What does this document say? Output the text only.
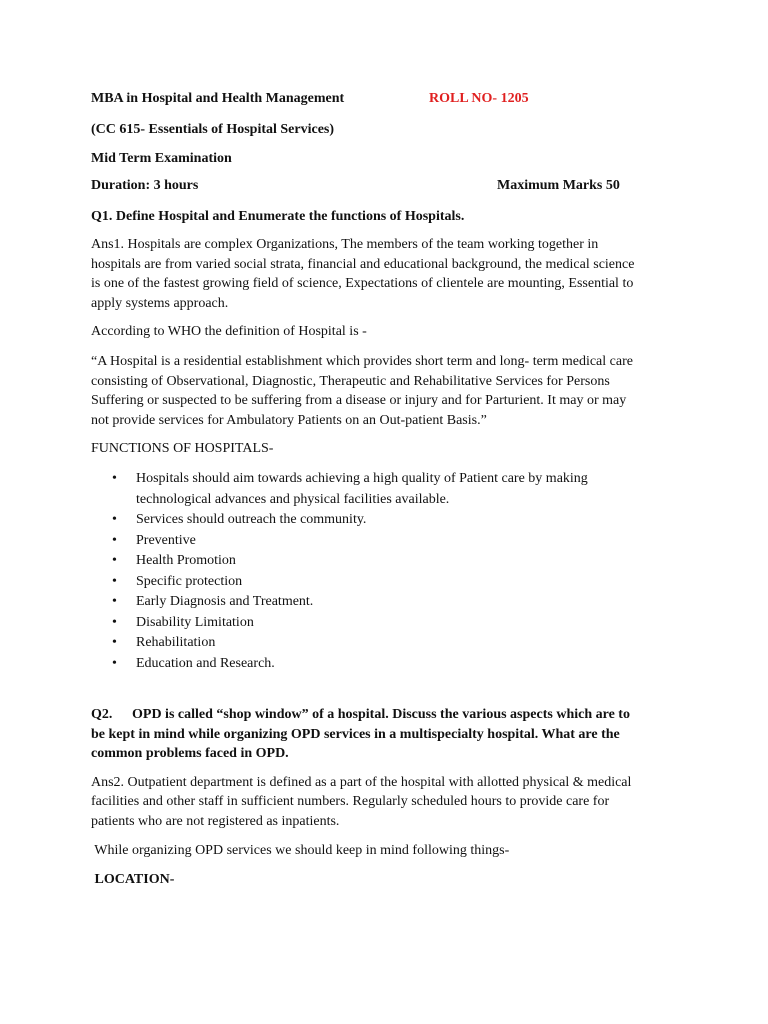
MBA in Hospital and Health Management	ROLL NO- 1205
(CC 615- Essentials of Hospital Services)
Mid Term Examination
Duration: 3 hours	Maximum Marks 50
Q1. Define Hospital and Enumerate the functions of Hospitals.
Ans1. Hospitals are complex Organizations, The members of the team working together in
hospitals are from varied social strata, financial and educational background, the medical science
is one of the fastest growing field of science, Expectations of clientele are mounting, Essential to
apply systems approach.
According to WHO the definition of Hospital is -
“A Hospital is a residential establishment which provides short term and long- term medical care
consisting of Observational, Diagnostic, Therapeutic and Rehabilitative Services for Persons
Suffering or suspected to be suffering from a disease or injury and for Parturient. It may or may
not provide services for Ambulatory Patients on an Out-patient Basis.”
FUNCTIONS OF HOSPITALS-
• Hospitals should aim towards achieving a high quality of Patient care by making
technological advances and physical facilities available.
• Services should outreach the community.
• Preventive
• Health Promotion
• Specific protection
• Early Diagnosis and Treatment.
• Disability Limitation
• Rehabilitation
• Education and Research.
Q2. OPD is called “shop window” of a hospital. Discuss the various aspects which are to
be kept in mind while organizing OPD services in a multispecialty hospital. What are the
common problems faced in OPD.
Ans2. Outpatient department is defined as a part of the hospital with allotted physical & medical
facilities and other staff in sufficient numbers. Regularly scheduled hours to provide care for
patients who are not registered as inpatients.
While organizing OPD services we should keep in mind following things-
LOCATION-
